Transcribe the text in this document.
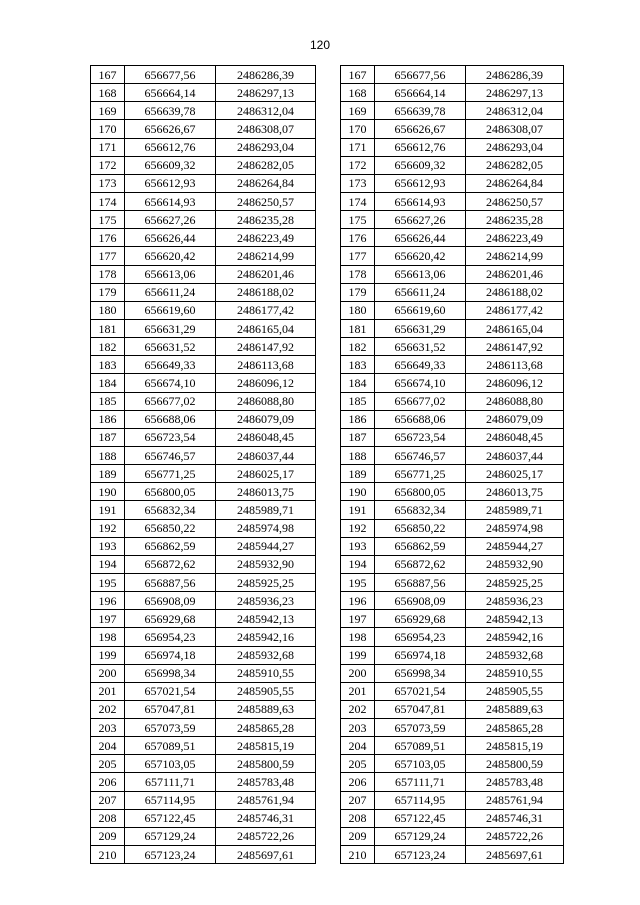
120
167	656677,56	2486286,39
168	656664,14	2486297,13
169	656639,78	2486312,04
170	656626,67	2486308,07
171	656612,76	2486293,04
172	656609,32	2486282,05
173	656612,93	2486264,84
174	656614,93	2486250,57
175	656627,26	2486235,28
176	656626,44	2486223,49
177	656620,42	2486214,99
178	656613,06	2486201,46
179	656611,24	2486188,02
180	656619,60	2486177,42
181	656631,29	2486165,04
182	656631,52	2486147,92
183	656649,33	2486113,68
184	656674,10	2486096,12
185	656677,02	2486088,80
186	656688,06	2486079,09
187	656723,54	2486048,45
188	656746,57	2486037,44
189	656771,25	2486025,17
190	656800,05	2486013,75
191	656832,34	2485989,71
192	656850,22	2485974,98
193	656862,59	2485944,27
194	656872,62	2485932,90
195	656887,56	2485925,25
196	656908,09	2485936,23
197	656929,68	2485942,13
198	656954,23	2485942,16
199	656974,18	2485932,68
200	656998,34	2485910,55
201	657021,54	2485905,55
202	657047,81	2485889,63
203	657073,59	2485865,28
204	657089,51	2485815,19
205	657103,05	2485800,59
206	657111,71	2485783,48
207	657114,95	2485761,94
208	657122,45	2485746,31
209	657129,24	2485722,26
210	657123,24	2485697,61
167	656677,56	2486286,39
168	656664,14	2486297,13
169	656639,78	2486312,04
170	656626,67	2486308,07
171	656612,76	2486293,04
172	656609,32	2486282,05
173	656612,93	2486264,84
174	656614,93	2486250,57
175	656627,26	2486235,28
176	656626,44	2486223,49
177	656620,42	2486214,99
178	656613,06	2486201,46
179	656611,24	2486188,02
180	656619,60	2486177,42
181	656631,29	2486165,04
182	656631,52	2486147,92
183	656649,33	2486113,68
184	656674,10	2486096,12
185	656677,02	2486088,80
186	656688,06	2486079,09
187	656723,54	2486048,45
188	656746,57	2486037,44
189	656771,25	2486025,17
190	656800,05	2486013,75
191	656832,34	2485989,71
192	656850,22	2485974,98
193	656862,59	2485944,27
194	656872,62	2485932,90
195	656887,56	2485925,25
196	656908,09	2485936,23
197	656929,68	2485942,13
198	656954,23	2485942,16
199	656974,18	2485932,68
200	656998,34	2485910,55
201	657021,54	2485905,55
202	657047,81	2485889,63
203	657073,59	2485865,28
204	657089,51	2485815,19
205	657103,05	2485800,59
206	657111,71	2485783,48
207	657114,95	2485761,94
208	657122,45	2485746,31
209	657129,24	2485722,26
210	657123,24	2485697,61
